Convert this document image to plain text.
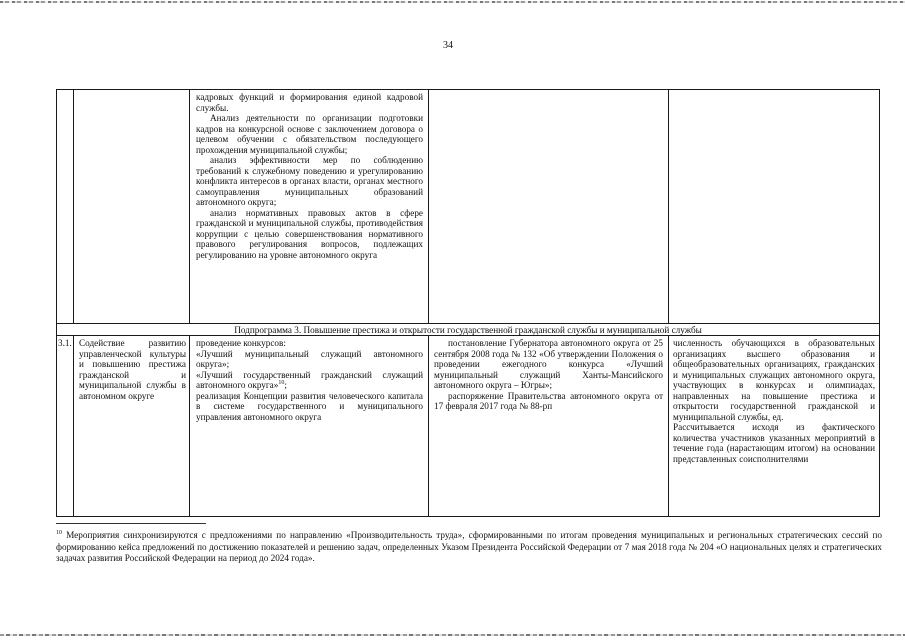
34

кадровых функций и формирования единой кадровой службы.

Анализ деятельности по организации подготовки кадров на конкурсной основе с заключением договора о целевом обучении с обязательством последующего прохождения муниципальной службы;

анализ эффективности мер по соблюдению требований к служебному поведению и урегулированию конфликта интересов в органах власти, органах местного самоуправления муниципальных образований автономного округа;

анализ нормативных правовых актов в сфере гражданской и муниципальной службы, противодействия коррупции с целью совершенствования нормативного правового регулирования вопросов, подлежащих регулированию на уровне автономного округа

Подпрограмма 3. Повышение престижа и открытости государственной гражданской службы и муниципальной службы
3.1. Содействие развитию управленческой культуры и повышению престижа гражданской и муниципальной службы в автономном округе

проведение конкурсов:

«Лучший муниципальный служащий автономного округа»;

«Лучший государственный гражданский служащий автономного округа»$^{10}$;

реализация Концепции развития человеческого капитала в системе государственного и муниципального управления автономного округа

постановление Губернатора автономного округа от 25 сентября 2008 года № 132 «Об утверждении Положения о проведении ежегодного конкурса «Лучший муниципальный служащий Ханты-Мансийского автономного округа – Югры»;

распоряжение Правительства автономного округа от 17 февраля 2017 года № 88-рп

численность обучающихся в образовательных организациях высшего образования и общеобразовательных организациях, гражданских и муниципальных служащих автономного округа, участвующих в конкурсах и олимпиадах, направленных на повышение престижа и открытости государственной гражданской и муниципальной службы, ед.

Рассчитывается исходя из фактического количества участников указанных мероприятий в течение года (нарастающим итогом) на основании представленных соисполнителями

$^{10}$ Мероприятия синхронизируются с предложениями по направлению «Производительность труда», сформированными по итогам проведения муниципальных и региональных стратегических сессий по формированию кейса предложений по достижению показателей и решению задач, определенных Указом Президента Российской Федерации от 7 мая 2018 года № 204 «О национальных целях и стратегических задачах развития Российской Федерации на период до 2024 года».
